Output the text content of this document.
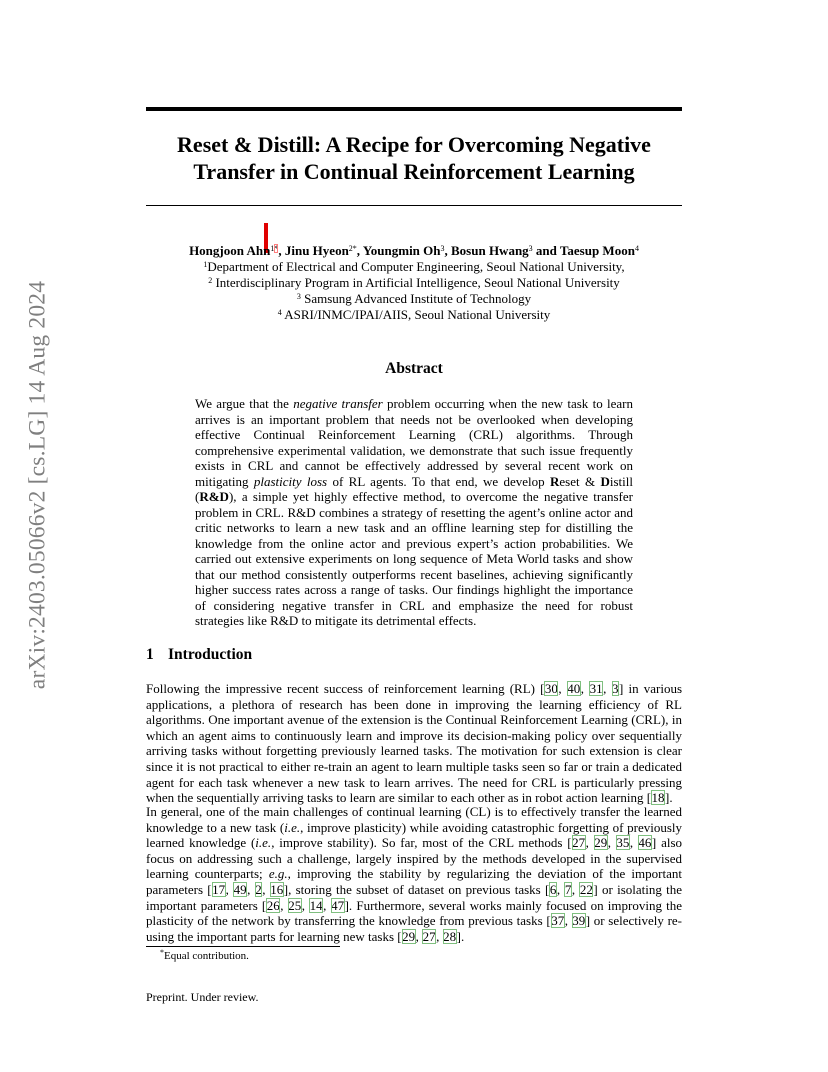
arXiv:2403.05066v2 [cs.LG] 14 Aug 2024
Reset & Distill: A Recipe for Overcoming Negative
Transfer in Continual Reinforcement Learning
Hongjoon Ahn$^{1*}$, Jinu Hyeon$^{2*}$, Youngmin Oh$^3$, Bosun Hwang$^3$ and Taesup Moon$^4$
$^1$Department of Electrical and Computer Engineering, Seoul National University,
$^2$ Interdisciplinary Program in Artificial Intelligence, Seoul National University
$^3$ Samsung Advanced Institute of Technology
$^4$ ASRI/INMC/IPAI/AIIS, Seoul National University
Abstract
We argue that the negative transfer problem occurring when the new task to learn arrives is an important problem that needs not be overlooked when developing effective Continual Reinforcement Learning (CRL) algorithms. Through comprehensive experimental validation, we demonstrate that such issue frequently exists in CRL and cannot be effectively addressed by several recent work on mitigating plasticity loss of RL agents. To that end, we develop Reset & Distill (R&D), a simple yet highly effective method, to overcome the negative transfer problem in CRL. R&D combines a strategy of resetting the agent’s online actor and critic networks to learn a new task and an offline learning step for distilling the knowledge from the online actor and previous expert’s action probabilities. We carried out extensive experiments on long sequence of Meta World tasks and show that our method consistently outperforms recent baselines, achieving significantly higher success rates across a range of tasks. Our findings highlight the importance of considering negative transfer in CRL and emphasize the need for robust strategies like R&D to mitigate its detrimental effects.
1 Introduction
Following the impressive recent success of reinforcement learning (RL) [30, 40, 31, 3] in various applications, a plethora of research has been done in improving the learning efficiency of RL algorithms. One important avenue of the extension is the Continual Reinforcement Learning (CRL), in which an agent aims to continuously learn and improve its decision-making policy over sequentially arriving tasks without forgetting previously learned tasks. The motivation for such extension is clear since it is not practical to either re-train an agent to learn multiple tasks seen so far or train a dedicated agent for each task whenever a new task to learn arrives. The need for CRL is particularly pressing when the sequentially arriving tasks to learn are similar to each other as in robot action learning [18].
In general, one of the main challenges of continual learning (CL) is to effectively transfer the learned knowledge to a new task (i.e., improve plasticity) while avoiding catastrophic forgetting of previously learned knowledge (i.e., improve stability). So far, most of the CRL methods [27, 29, 35, 46] also focus on addressing such a challenge, largely inspired by the methods developed in the supervised learning counterparts; e.g., improving the stability by regularizing the deviation of the important parameters [17, 49, 2, 16], storing the subset of dataset on previous tasks [6, 7, 22] or isolating the important parameters [26, 25, 14, 47]. Furthermore, several works mainly focused on improving the plasticity of the network by transferring the knowledge from previous tasks [37, 39] or selectively re-using the important parts for learning new tasks [29, 27, 28].
*Equal contribution.
Preprint. Under review.
